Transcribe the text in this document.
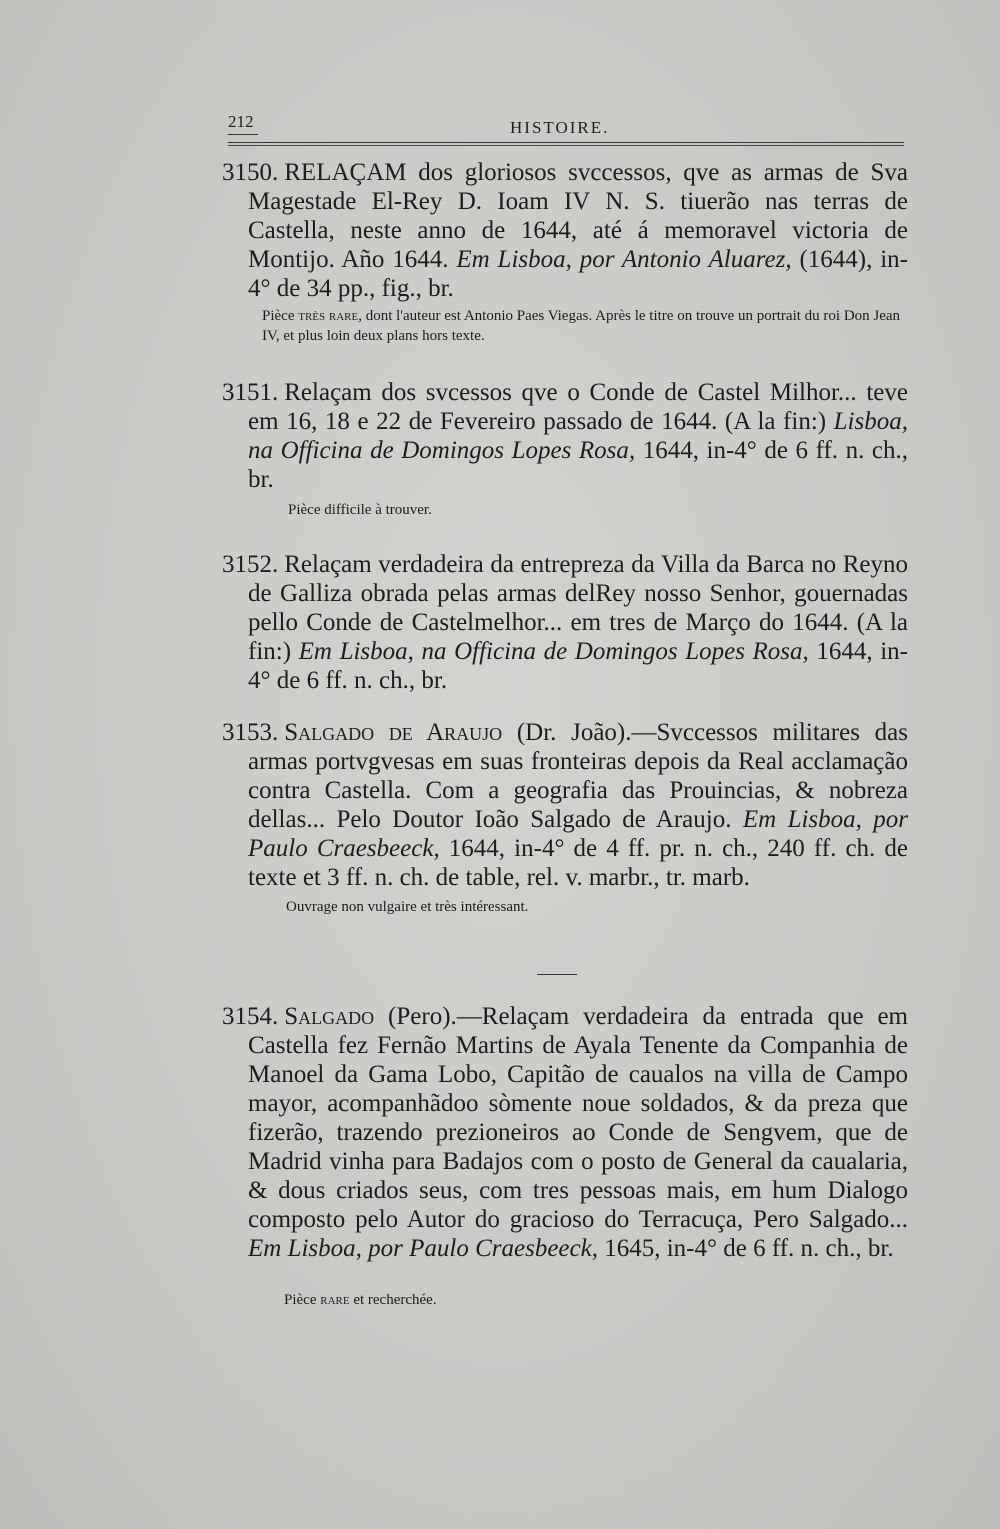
212	HISTOIRE.

3150. RELAÇAM dos gloriosos svccessos, qve as armas de Sva Magestade El-Rey D. Ioam IV N. S. tiuerão nas terras de Castella, neste anno de 1644, até á memoravel victoria de Montijo. Año 1644. Em Lisboa, por Antonio Aluarez, (1644), in-4° de 34 pp., fig., br.

Pièce très rare, dont l'auteur est Antonio Paes Viegas. Après le titre on trouve un portrait du roi Don Jean IV, et plus loin deux plans hors texte.

3151. Relaçam dos svcessos qve o Conde de Castel Milhor... teve em 16, 18 e 22 de Fevereiro passado de 1644. (A la fin:) Lisboa, na Officina de Domingos Lopes Rosa, 1644, in-4° de 6 ff. n. ch., br.

Pièce difficile à trouver.

3152. Relaçam verdadeira da entrepreza da Villa da Barca no Reyno de Galliza obrada pelas armas delRey nosso Senhor, gouernadas pello Conde de Castelmelhor... em tres de Março do 1644. (A la fin:) Em Lisboa, na Officina de Domingos Lopes Rosa, 1644, in-4° de 6 ff. n. ch., br.

3153. Salgado de Araujo (Dr. João).—Svccessos militares das armas portvgvesas em suas fronteiras depois da Real acclamação contra Castella. Com a geografia das Prouincias, & nobreza dellas... Pelo Doutor Ioão Salgado de Araujo. Em Lisboa, por Paulo Craesbeeck, 1644, in-4° de 4 ff. pr. n. ch., 240 ff. ch. de texte et 3 ff. n. ch. de table, rel. v. marbr., tr. marb.

Ouvrage non vulgaire et très intéressant.

3154. Salgado (Pero).—Relaçam verdadeira da entrada que em Castella fez Fernão Martins de Ayala Tenente da Companhia de Manoel da Gama Lobo, Capitão de caualos na villa de Campo mayor, acompanhãdoo sòmente noue soldados, & da preza que fizerão, trazendo prezioneiros ao Conde de Sengvem, que de Madrid vinha para Badajos com o posto de General da caualaria, & dous criados seus, com tres pessoas mais, em hum Dialogo composto pelo Autor do gracioso do Terracuça, Pero Salgado... Em Lisboa, por Paulo Craesbeeck, 1645, in-4° de 6 ff. n. ch., br.

Pièce rare et recherchée.
